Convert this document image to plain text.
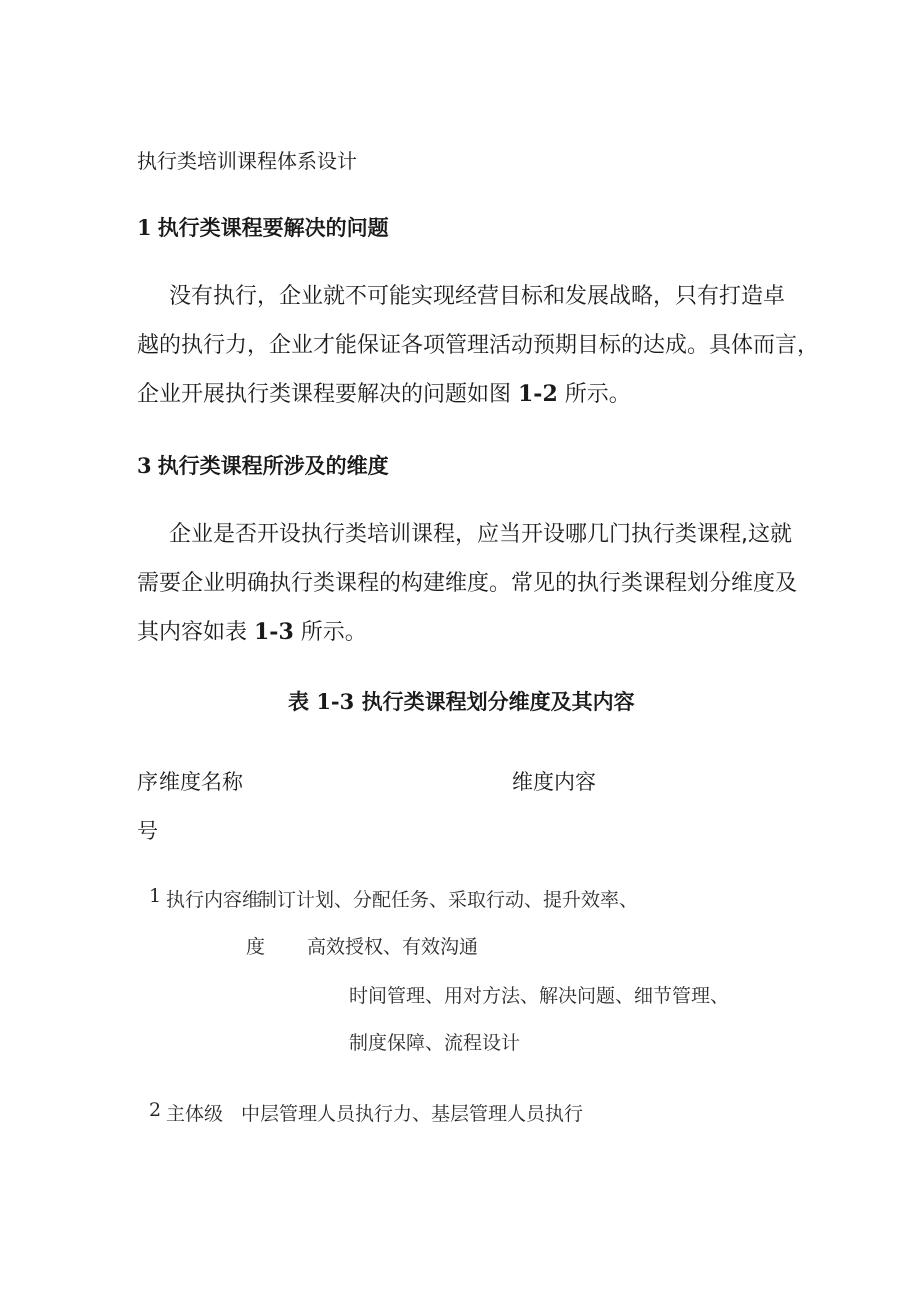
执行类培训课程体系设计
1 执行类课程要解决的问题
没有执行，企业就不可能实现经营目标和发展战略，只有打造卓
越的执行力，企业才能保证各项管理活动预期目标的达成。具体而言，
企业开展执行类课程要解决的问题如图 1-2 所示。
3 执行类课程所涉及的维度
企业是否开设执行类培训课程，应当开设哪几门执行类课程,这就
需要企业明确执行类课程的构建维度。常见的执行类课程划分维度及
其内容如表 1-3 所示。
表 1-3 执行类课程划分维度及其内容
序
号
维度名称	维度内容
1 执行内容维
度
制订计划、分配任务、采取行动、提升效率、
高效授权、有效沟通
时间管理、用对方法、解决问题、细节管理、
制度保障、流程设计
2 主体级 中层管理人员执行力、基层管理人员执行
